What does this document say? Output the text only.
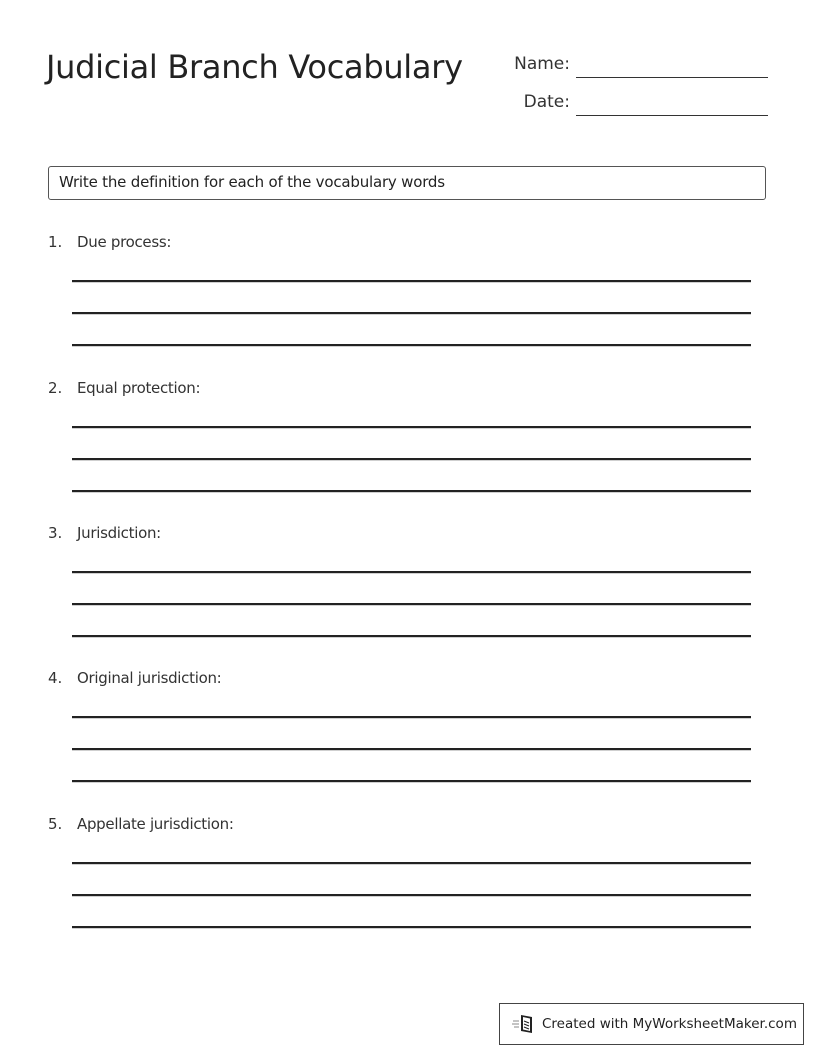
Judicial Branch Vocabulary	Name:
Date:
Write the definition for each of the vocabulary words
1. Due process:
2. Equal protection:
3. Jurisdiction:
4. Original jurisdiction:
5. Appellate jurisdiction:
Created with MyWorksheetMaker.com
